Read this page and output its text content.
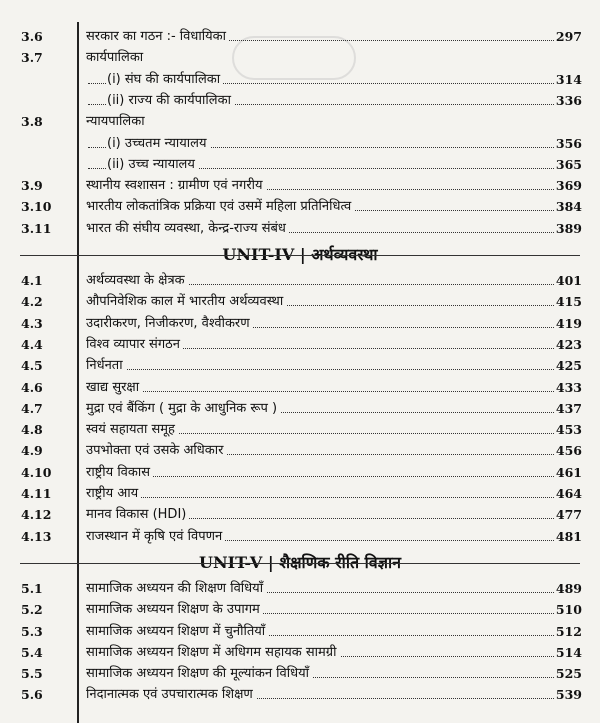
3.6	सरकार का गठन :- विधायिका	297
3.7	कार्यपालिका
(i) संघ की कार्यपालिका	314
(ii) राज्य की कार्यपालिका	336
3.8	न्यायपालिका
(i) उच्चतम न्यायालय	356
(ii) उच्च न्यायालय	365
3.9	स्थानीय स्वशासन : ग्रामीण एवं नगरीय	369
3.10	भारतीय लोकतांत्रिक प्रक्रिया एवं उसमें महिला प्रतिनिधित्व	384
3.11	भारत की संघीय व्यवस्था, केन्द्र-राज्य संबंध	389
UNIT-IV | अर्थव्यवस्था
4.1	अर्थव्यवस्था के क्षेत्रक	401
4.2	औपनिवेशिक काल में भारतीय अर्थव्यवस्था	415
4.3	उदारीकरण, निजीकरण, वैश्वीकरण	419
4.4	विश्व व्यापार संगठन	423
4.5	निर्धनता	425
4.6	खाद्य सुरक्षा	433
4.7	मुद्रा एवं बैंकिंग ( मुद्रा के आधुनिक रूप )	437
4.8	स्वयं सहायता समूह	453
4.9	उपभोक्ता एवं उसके अधिकार	456
4.10	राष्ट्रीय विकास	461
4.11	राष्ट्रीय आय	464
4.12	मानव विकास (HDI)	477
4.13	राजस्थान में कृषि एवं विपणन	481
UNIT-V | शैक्षणिक रीति विज्ञान
5.1	सामाजिक अध्ययन की शिक्षण विधियाँ	489
5.2	सामाजिक अध्ययन शिक्षण के उपागम	510
5.3	सामाजिक अध्ययन शिक्षण में चुनौतियाँ	512
5.4	सामाजिक अध्ययन शिक्षण में अधिगम सहायक सामग्री	514
5.5	सामाजिक अध्ययन शिक्षण की मूल्यांकन विधियाँ	525
5.6	निदानात्मक एवं उपचारात्मक शिक्षण	539
